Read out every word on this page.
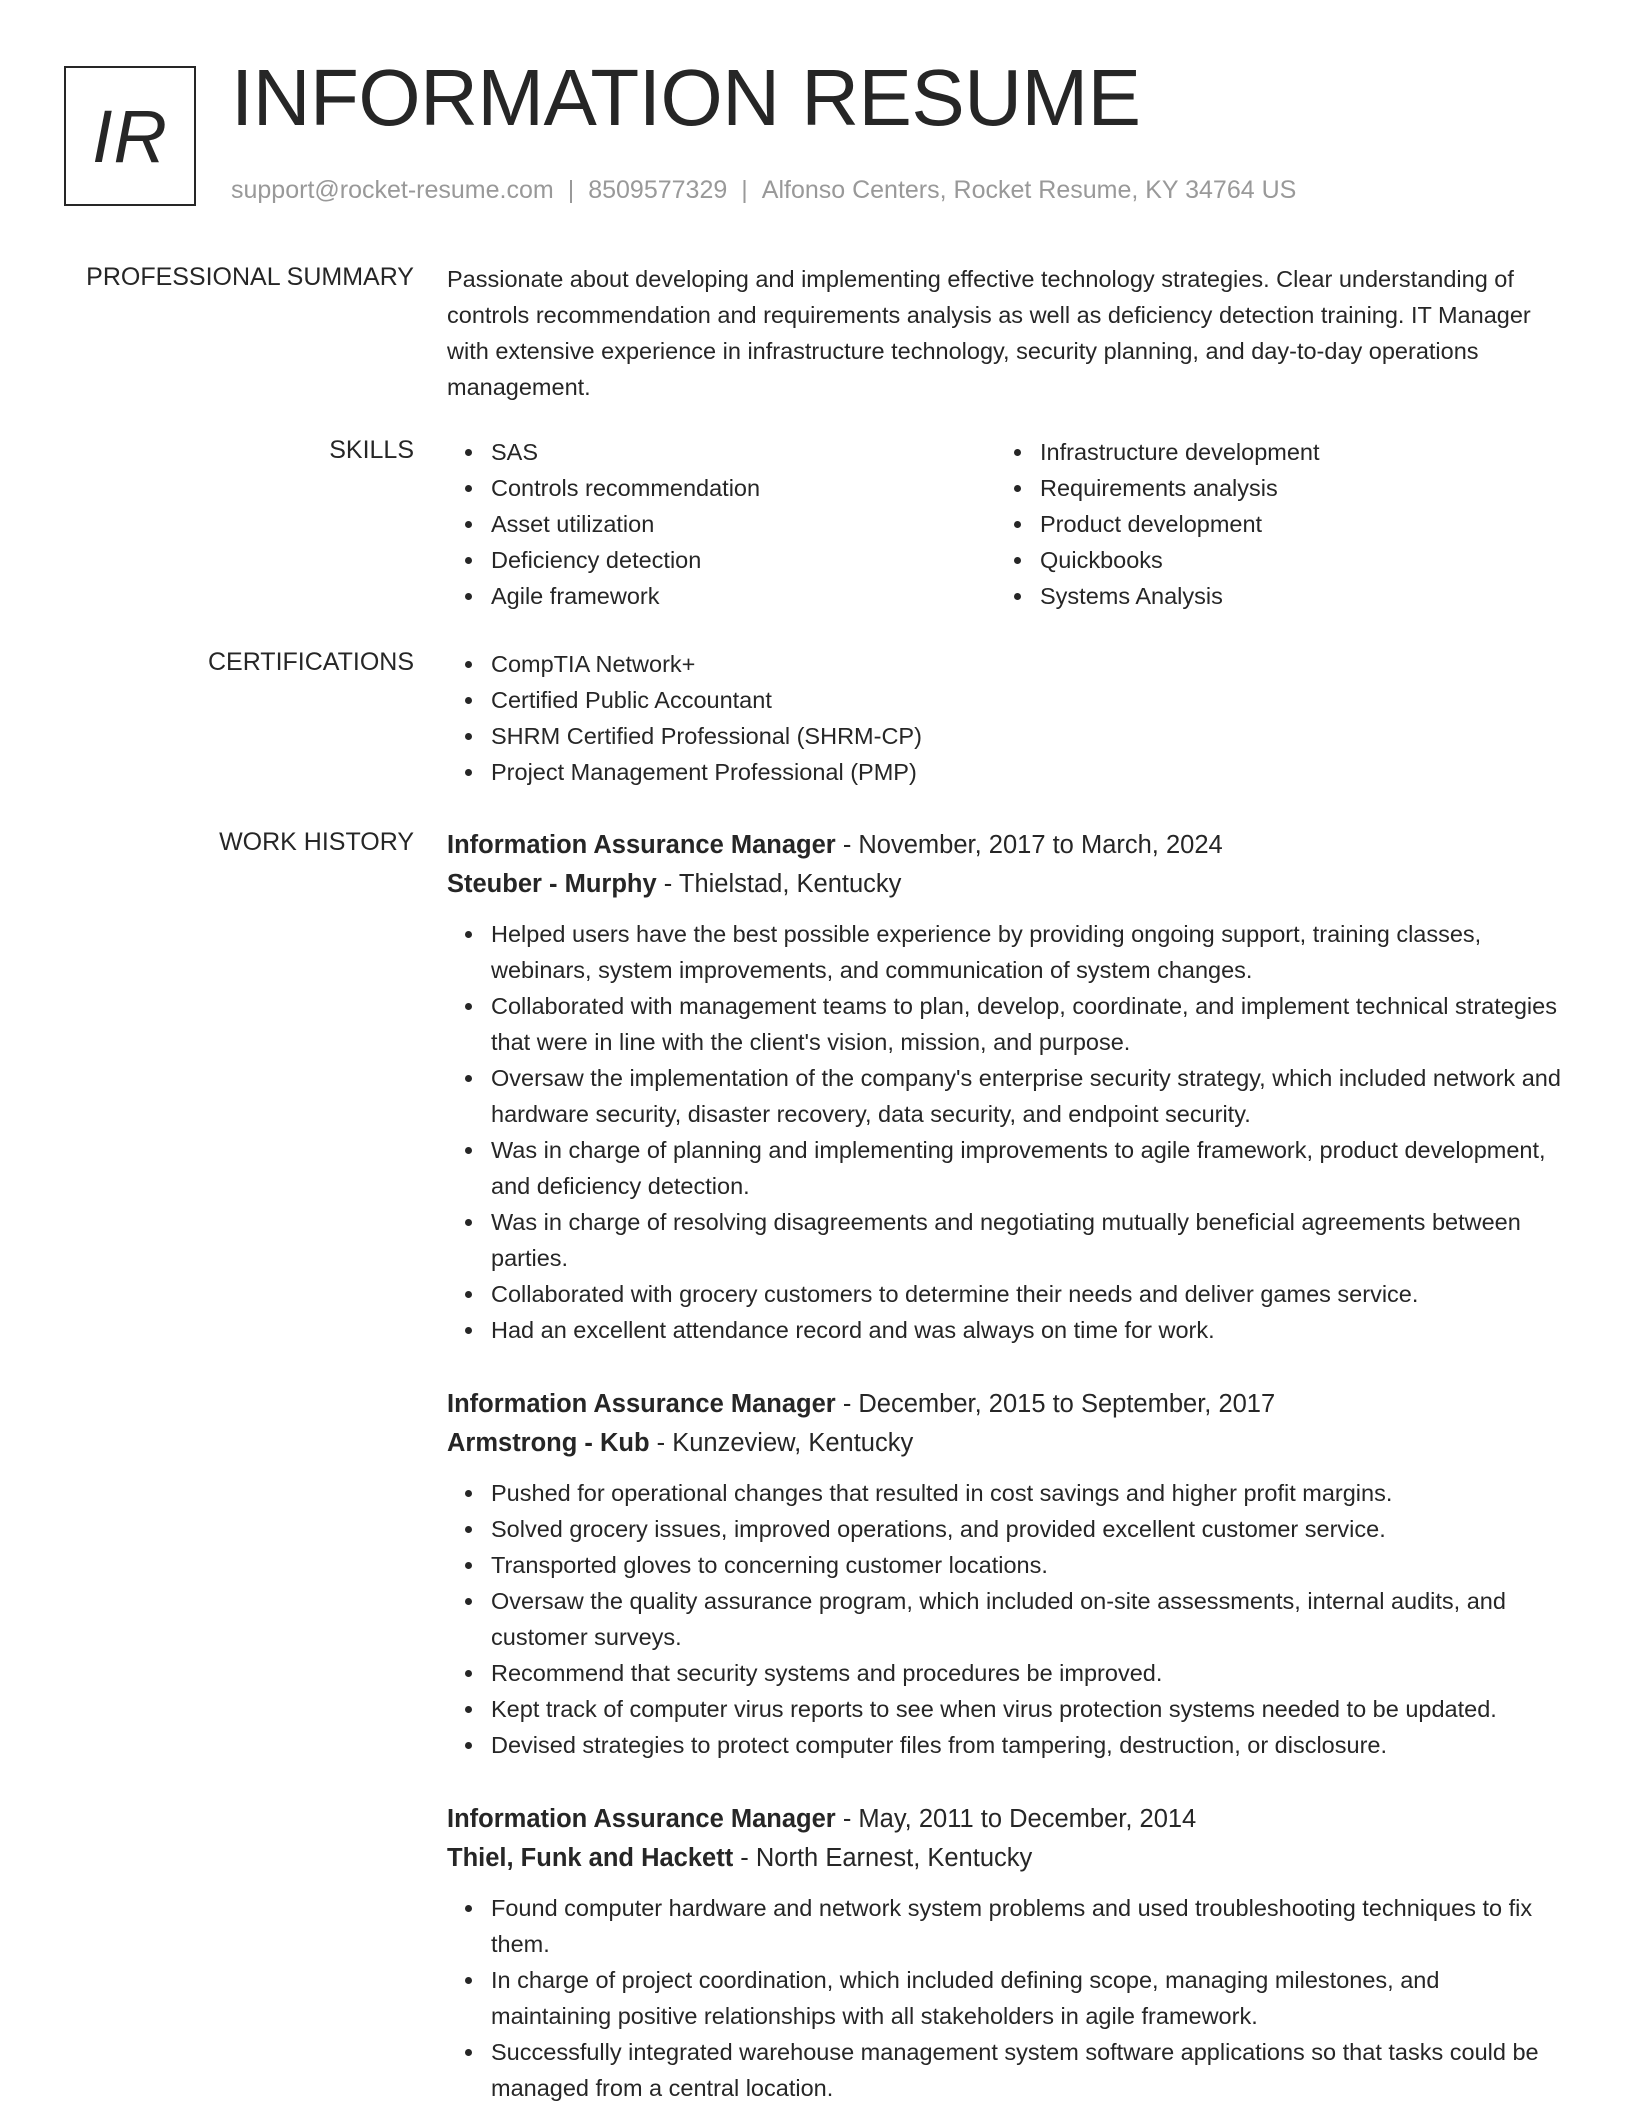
IR INFORMATION RESUME
support@rocket-resume.com | 8509577329 | Alfonso Centers, Rocket Resume, KY 34764 US
PROFESSIONAL SUMMARY Passionate about developing and implementing effective technology strategies. Clear understanding of controls recommendation and requirements analysis as well as deficiency detection training. IT Manager with extensive experience in infrastructure technology, security planning, and day-to-day operations management.

SKILLS	SAS
Controls recommendation
Asset utilization
Deficiency detection
Agile framework
Infrastructure development
Requirements analysis
Product development
Quickbooks
Systems Analysis
CERTIFICATIONS	CompTIA Network+
Certified Public Accountant
SHRM Certified Professional (SHRM-CP)
Project Management Professional (PMP)
WORK HISTORY Information Assurance Manager - November, 2017 to March, 2024
Steuber - Murphy - Thielstad, Kentucky
Helped users have the best possible experience by providing ongoing support, training classes, webinars, system improvements, and communication of system changes.
Collaborated with management teams to plan, develop, coordinate, and implement technical strategies that were in line with the client's vision, mission, and purpose.
Oversaw the implementation of the company's enterprise security strategy, which included network and hardware security, disaster recovery, data security, and endpoint security.
Was in charge of planning and implementing improvements to agile framework, product development, and deficiency detection.
Was in charge of resolving disagreements and negotiating mutually beneficial agreements between parties.
Collaborated with grocery customers to determine their needs and deliver games service.
Had an excellent attendance record and was always on time for work.
Information Assurance Manager - December, 2015 to September, 2017
Armstrong - Kub - Kunzeview, Kentucky
Pushed for operational changes that resulted in cost savings and higher profit margins.
Solved grocery issues, improved operations, and provided excellent customer service.
Transported gloves to concerning customer locations.
Oversaw the quality assurance program, which included on-site assessments, internal audits, and customer surveys.
Recommend that security systems and procedures be improved.
Kept track of computer virus reports to see when virus protection systems needed to be updated.
Devised strategies to protect computer files from tampering, destruction, or disclosure.
Information Assurance Manager - May, 2011 to December, 2014
Thiel, Funk and Hackett - North Earnest, Kentucky
Found computer hardware and network system problems and used troubleshooting techniques to fix them.
In charge of project coordination, which included defining scope, managing milestones, and maintaining positive relationships with all stakeholders in agile framework.
Successfully integrated warehouse management system software applications so that tasks could be managed from a central location.
